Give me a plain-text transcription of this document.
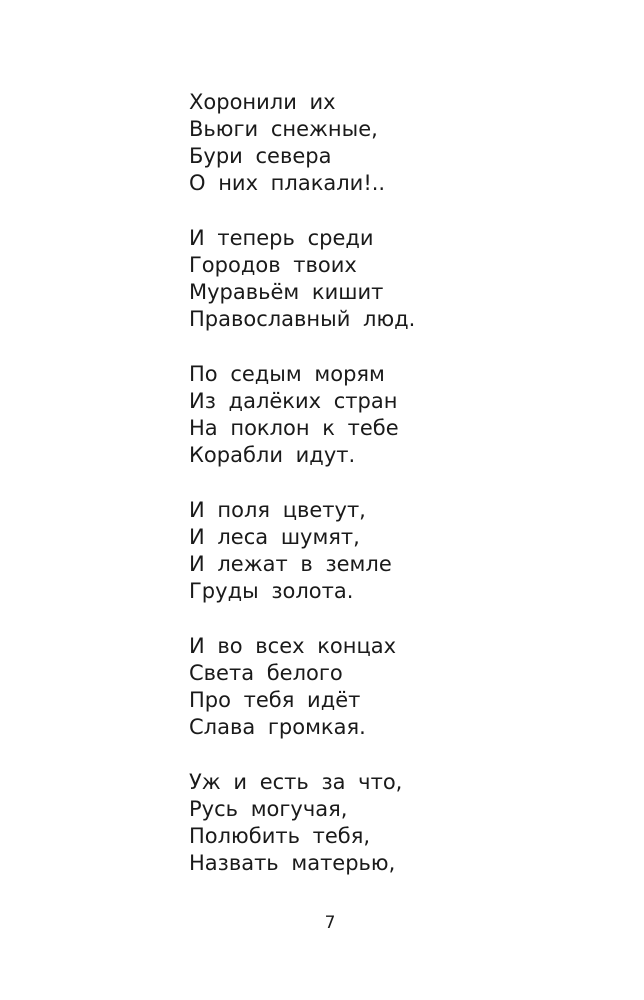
Хоронили их
Вьюги снежные,
Бури севера
О них плакали!..
И теперь среди
Городов твоих
Муравьём кишит
Православный люд.
По седым морям
Из далёких стран
На поклон к тебе
Корабли идут.
И поля цветут,
И леса шумят,
И лежат в земле
Груды золота.
И во всех концах
Света белого
Про тебя идёт
Слава громкая.
Уж и есть за что,
Русь могучая,
Полюбить тебя,
Назвать матерью,
7
